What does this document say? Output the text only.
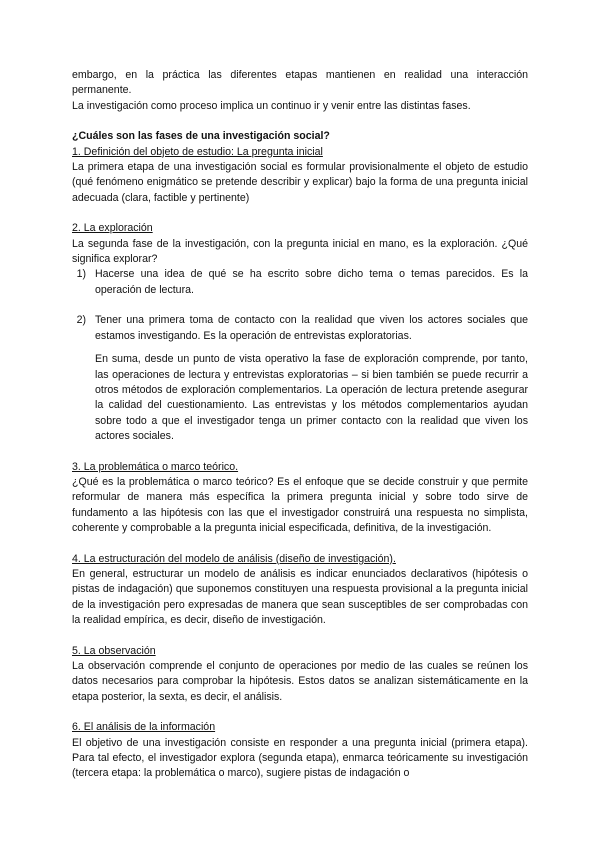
embargo, en la práctica las diferentes etapas mantienen en realidad una interacción permanente.

La investigación como proceso implica un continuo ir y venir entre las distintas fases.

¿Cuáles son las fases de una investigación social?

1. Definición del objeto de estudio: La pregunta inicial

La primera etapa de una investigación social es formular provisionalmente el objeto de estudio (qué fenómeno enigmático se pretende describir y explicar) bajo la forma de una pregunta inicial adecuada (clara, factible y pertinente)

2. La exploración

La segunda fase de la investigación, con la pregunta inicial en mano, es la exploración. ¿Qué significa explorar?

1) Hacerse una idea de qué se ha escrito sobre dicho tema o temas parecidos. Es la operación de lectura.
2) Tener una primera toma de contacto con la realidad que viven los actores sociales que estamos investigando. Es la operación de entrevistas exploratorias.

En suma, desde un punto de vista operativo la fase de exploración comprende, por tanto, las operaciones de lectura y entrevistas exploratorias – si bien también se puede recurrir a otros métodos de exploración complementarios. La operación de lectura pretende asegurar la calidad del cuestionamiento. Las entrevistas y los métodos complementarios ayudan sobre todo a que el investigador tenga un primer contacto con la realidad que viven los actores sociales.

3. La problemática o marco teórico.

¿Qué es la problemática o marco teórico? Es el enfoque que se decide construir y que permite reformular de manera más específica la primera pregunta inicial y sobre todo sirve de fundamento a las hipótesis con las que el investigador construirá una respuesta no simplista, coherente y comprobable a la pregunta inicial especificada, definitiva, de la investigación.

4. La estructuración del modelo de análisis (diseño de investigación).

En general, estructurar un modelo de análisis es indicar enunciados declarativos (hipótesis o pistas de indagación) que suponemos constituyen una respuesta provisional a la pregunta inicial de la investigación pero expresadas de manera que sean susceptibles de ser comprobadas con la realidad empírica, es decir, diseño de investigación.

5. La observación

La observación comprende el conjunto de operaciones por medio de las cuales se reúnen los datos necesarios para comprobar la hipótesis. Estos datos se analizan sistemáticamente en la etapa posterior, la sexta, es decir, el análisis.

6. El análisis de la información

El objetivo de una investigación consiste en responder a una pregunta inicial (primera etapa). Para tal efecto, el investigador explora (segunda etapa), enmarca teóricamente su investigación (tercera etapa: la problemática o marco), sugiere pistas de indagación o
